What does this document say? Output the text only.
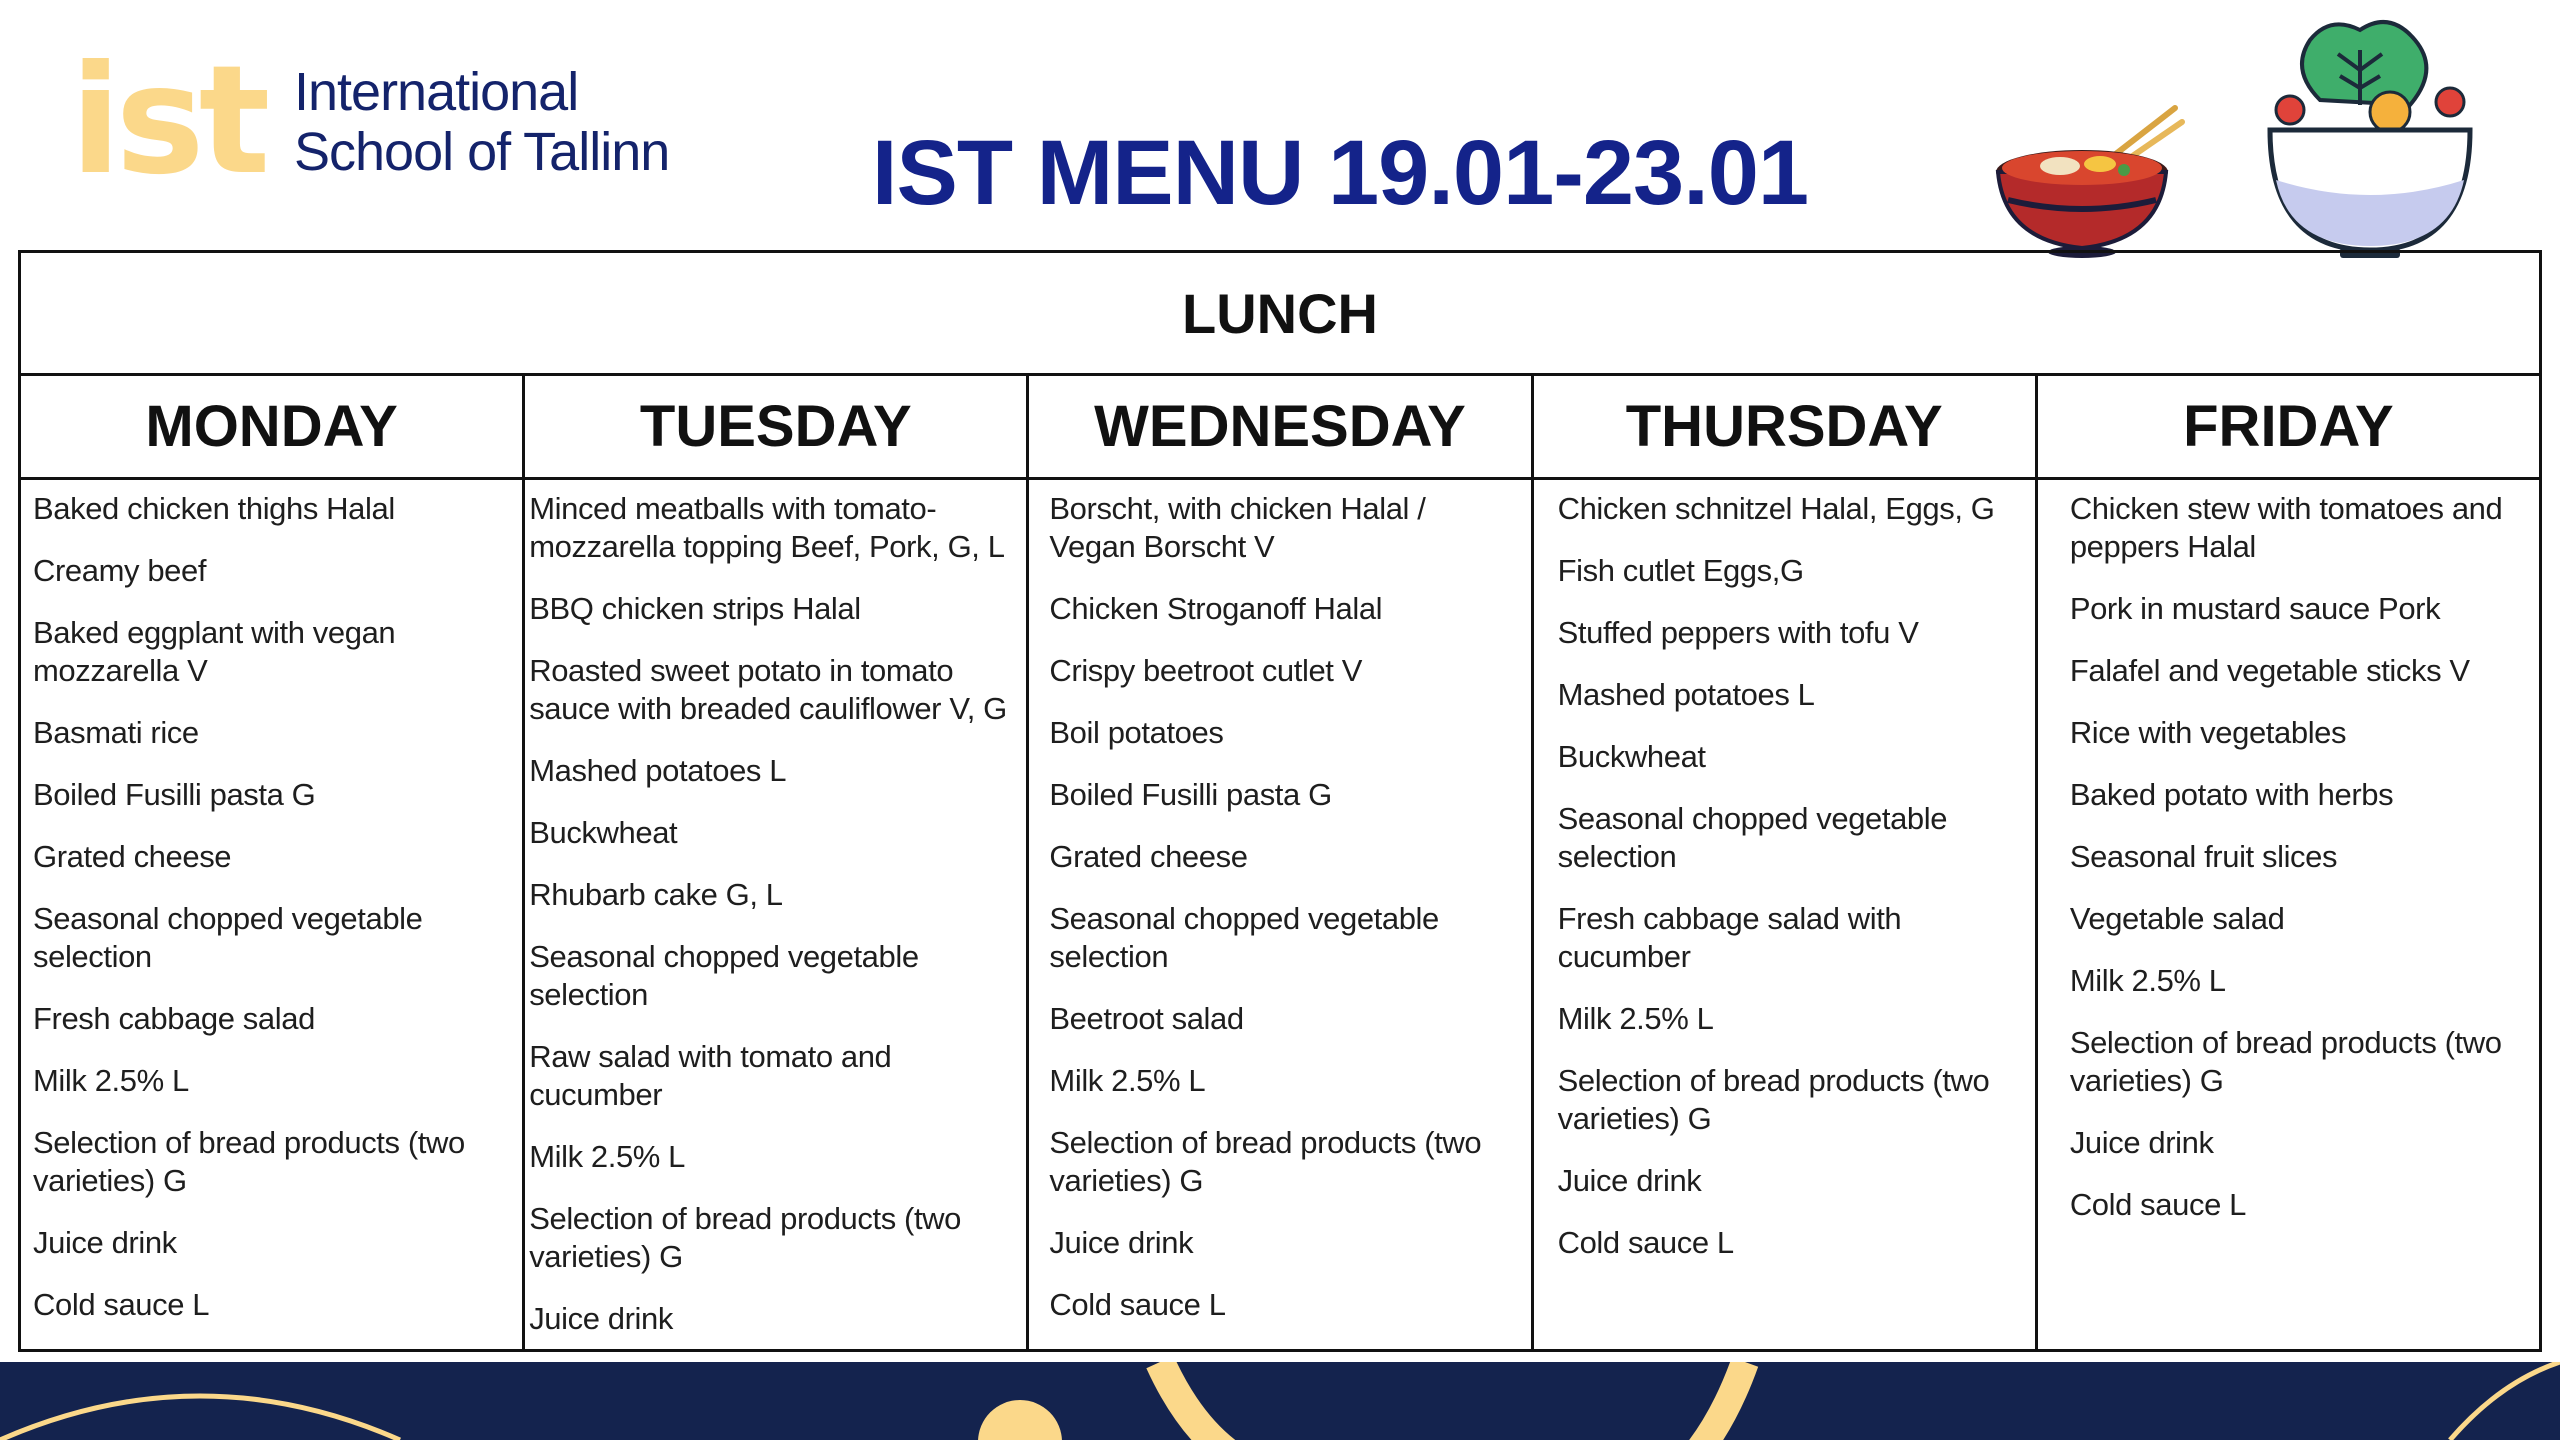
ist International
School of Tallinn	IST MENU 19.01-23.01
LUNCH
MONDAY
Baked chicken thighs Halal
Creamy beef
Baked eggplant with vegan mozzarella V
Basmati rice
Boiled Fusilli pasta G
Grated cheese
Seasonal chopped vegetable selection
Fresh cabbage salad
Milk 2.5% L
Selection of bread products (two varieties) G
Juice drink
Cold sauce L
TUESDAY
Minced meatballs with tomato-mozzarella topping Beef, Pork, G, L
BBQ chicken strips Halal
Roasted sweet potato in tomato sauce with breaded cauliflower V, G
Mashed potatoes L
Buckwheat
Rhubarb cake G, L
Seasonal chopped vegetable selection
Raw salad with tomato and cucumber
Milk 2.5% L
Selection of bread products (two varieties) G
Juice drink
WEDNESDAY
Borscht, with chicken Halal / Vegan Borscht V
Chicken Stroganoff Halal
Crispy beetroot cutlet V
Boil potatoes
Boiled Fusilli pasta G
Grated cheese
Seasonal chopped vegetable selection
Beetroot salad
Milk 2.5% L
Selection of bread products (two varieties) G
Juice drink
Cold sauce L
THURSDAY
Chicken schnitzel Halal, Eggs, G
Fish cutlet Eggs,G
Stuffed peppers with tofu V
Mashed potatoes L
Buckwheat
Seasonal chopped vegetable selection
Fresh cabbage salad with cucumber
Milk 2.5% L
Selection of bread products (two varieties) G
Juice drink
Cold sauce L
FRIDAY
Chicken stew with tomatoes and peppers Halal
Pork in mustard sauce Pork
Falafel and vegetable sticks V
Rice with vegetables
Baked potato with herbs
Seasonal fruit slices
Vegetable salad
Milk 2.5% L
Selection of bread products (two varieties) G
Juice drink
Cold sauce L
